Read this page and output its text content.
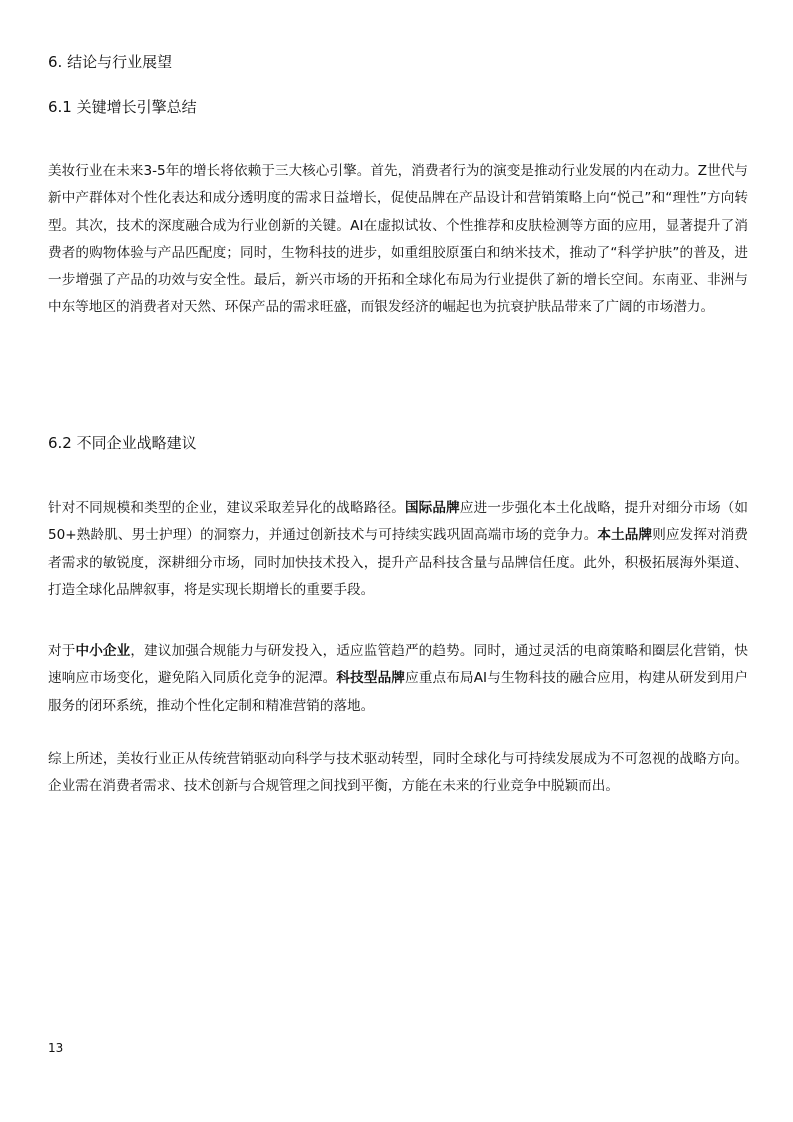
6. 结论与行业展望
6.1 关键增长引擎总结

美妆行业在未来3-5年的增长将依赖于三大核心引擎。首先，消费者行为的演变是推动行业发展的内在动力。Z世代与新中产群体对个性化表达和成分透明度的需求日益增长，促使品牌在产品设计和营销策略上向“悦己”和“理性”方向转型。其次，技术的深度融合成为行业创新的关键。AI在虚拟试妆、个性推荐和皮肤检测等方面的应用，显著提升了消费者的购物体验与产品匹配度；同时，生物科技的进步，如重组胶原蛋白和纳米技术，推动了“科学护肤”的普及，进一步增强了产品的功效与安全性。最后，新兴市场的开拓和全球化布局为行业提供了新的增长空间。东南亚、非洲与中东等地区的消费者对天然、环保产品的需求旺盛，而银发经济的崛起也为抗衰护肤品带来了广阔的市场潜力。

6.2 不同企业战略建议

针对不同规模和类型的企业，建议采取差异化的战略路径。国际品牌应进一步强化本土化战略，提升对细分市场（如50+熟龄肌、男士护理）的洞察力，并通过创新技术与可持续实践巩固高端市场的竞争力。本土品牌则应发挥对消费者需求的敏锐度，深耕细分市场，同时加快技术投入，提升产品科技含量与品牌信任度。此外，积极拓展海外渠道、打造全球化品牌叙事，将是实现长期增长的重要手段。

对于中小企业，建议加强合规能力与研发投入，适应监管趋严的趋势。同时，通过灵活的电商策略和圈层化营销，快速响应市场变化，避免陷入同质化竞争的泥潭。科技型品牌应重点布局AI与生物科技的融合应用，构建从研发到用户服务的闭环系统，推动个性化定制和精准营销的落地。

综上所述，美妆行业正从传统营销驱动向科学与技术驱动转型，同时全球化与可持续发展成为不可忽视的战略方向。企业需在消费者需求、技术创新与合规管理之间找到平衡，方能在未来的行业竞争中脱颖而出。

13
